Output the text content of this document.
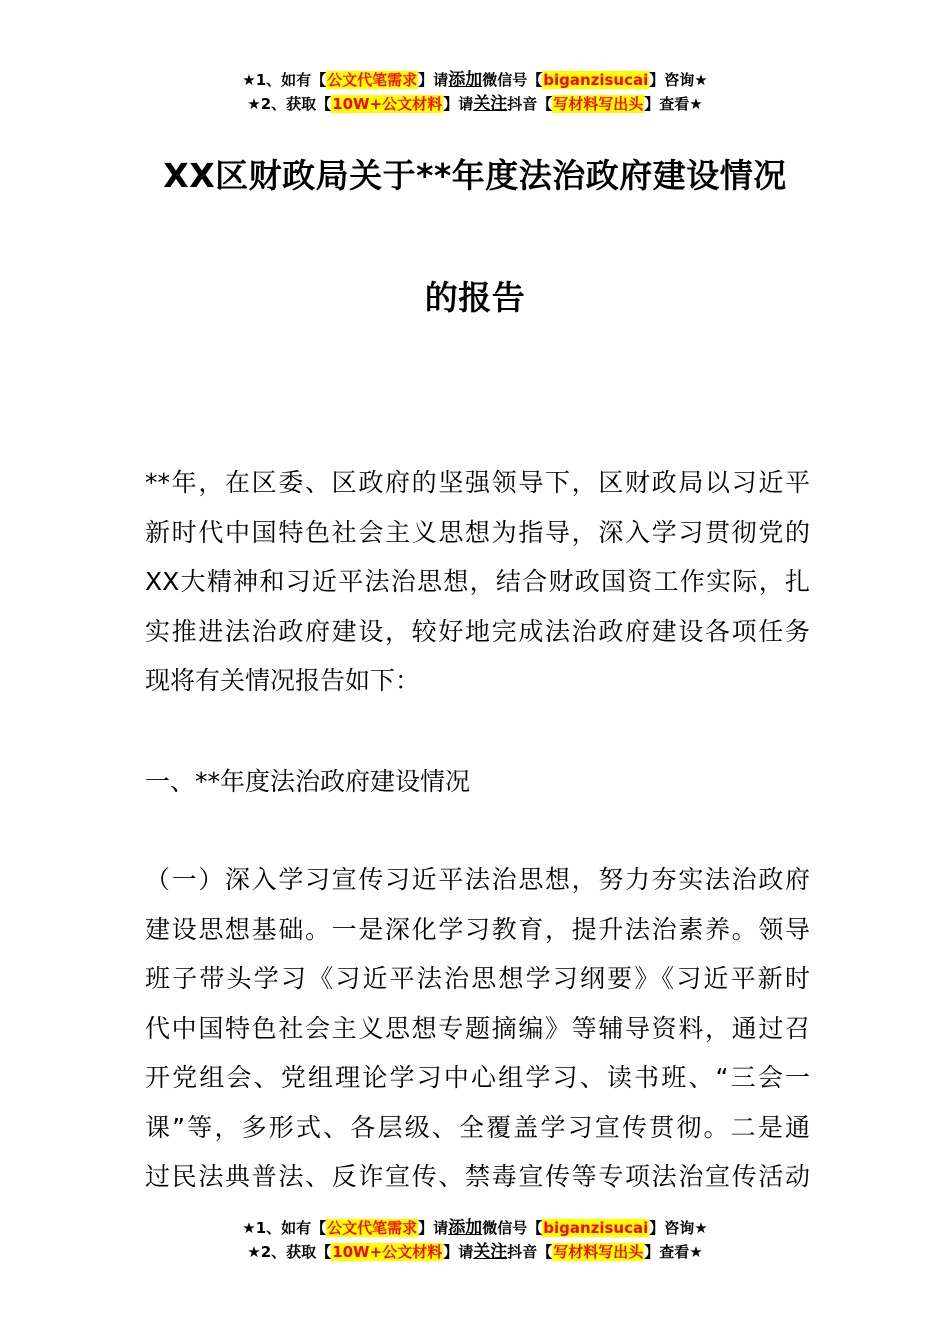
★1、如有【公文代笔需求】请添加微信号【biganzisucai】咨询★
★2、获取【10W+公文材料】请关注抖音【写材料写出头】查看★
XX区财政局关于**年度法治政府建设情况
的报告
**年，在区委、区政府的坚强领导下，区财政局以习近平
新时代中国特色社会主义思想为指导，深入学习贯彻党的
XX大精神和习近平法治思想，结合财政国资工作实际，扎
实推进法治政府建设，较好地完成法治政府建设各项任务
现将有关情况报告如下：
一、**年度法治政府建设情况
（一）深入学习宣传习近平法治思想，努力夯实法治政府
建设思想基础。一是深化学习教育，提升法治素养。领导
班子带头学习《习近平法治思想学习纲要》《习近平新时
代中国特色社会主义思想专题摘编》等辅导资料，通过召
开党组会、党组理论学习中心组学习、读书班、“三会一
课”等，多形式、各层级、全覆盖学习宣传贯彻。二是通
过民法典普法、反诈宣传、禁毒宣传等专项法治宣传活动
★1、如有【公文代笔需求】请添加微信号【biganzisucai】咨询★
★2、获取【10W+公文材料】请关注抖音【写材料写出头】查看★
